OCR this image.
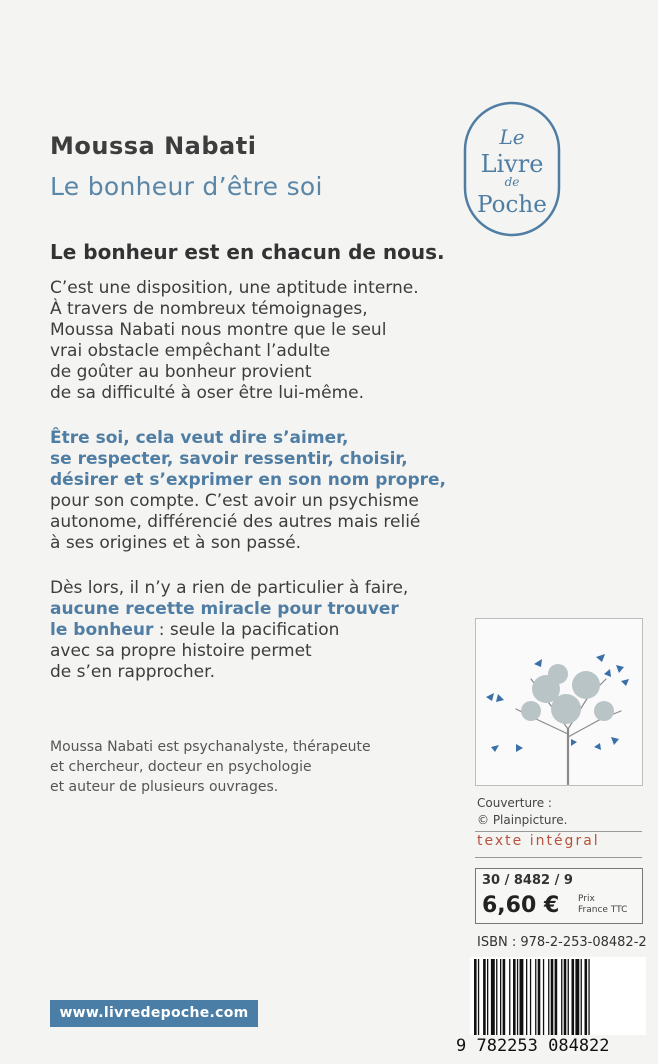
Moussa Nabati
Le bonheur d’être soi
Le
Livre
de
Poche
Le bonheur est en chacun de nous.
C’est une disposition, une aptitude interne.
À travers de nombreux témoignages,
Moussa Nabati nous montre que le seul
vrai obstacle empêchant l’adulte
de goûter au bonheur provient
de sa difficulté à oser être lui-même.
Être soi, cela veut dire s’aimer,
se respecter, savoir ressentir, choisir,
désirer et s’exprimer en son nom propre,
pour son compte. C’est avoir un psychisme
autonome, différencié des autres mais relié
à ses origines et à son passé.
Dès lors, il n’y a rien de particulier à faire,
aucune recette miracle pour trouver
le bonheur : seule la pacification
avec sa propre histoire permet
de s’en rapprocher.
Moussa Nabati est psychanalyste, thérapeute
et chercheur, docteur en psychologie
et auteur de plusieurs ouvrages.
Couverture :
© Plainpicture.
texte intégral
30 / 8482 / 9
6,60 € Prix
France TTC
ISBN : 978-2-253-08482-2
9 782253 084822
www.livredepoche.com
